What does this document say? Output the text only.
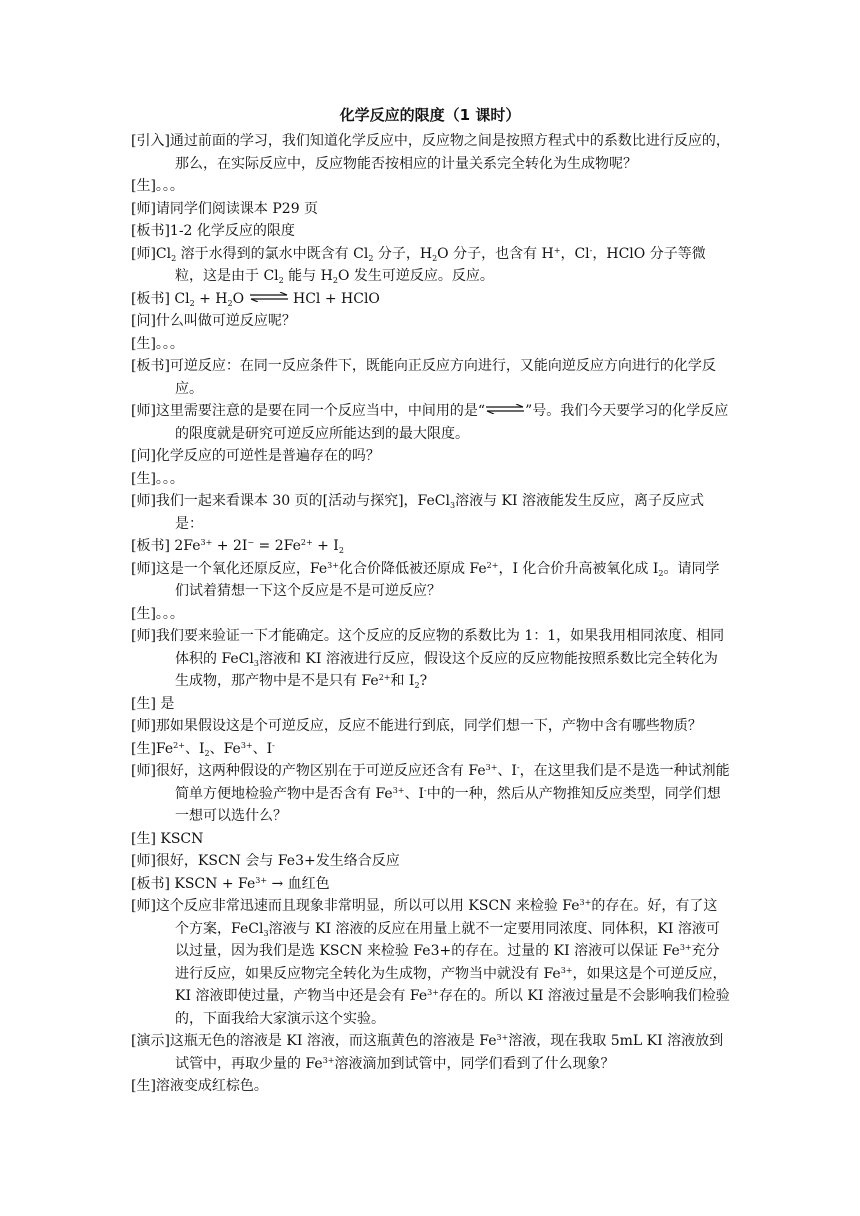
化学反应的限度（1 课时）
[引入]通过前面的学习，我们知道化学反应中，反应物之间是按照方程式中的系数比进行反应的，那么，在实际反应中，反应物能否按相应的计量关系完全转化为生成物呢？
[生]。。。
[师]请同学们阅读课本 P29 页
[板书]1-2 化学反应的限度
[师]$Cl_2$ 溶于水得到的氯水中既含有 $Cl_2$ 分子，$H_2O$ 分子，也含有 H+，Cl-，HClO 分子等微粒，这是由于 $Cl_2$ 能与 $H_2O$ 发生可逆反应。反应。
[板书] $Cl_2 + H_2O$ ⇌ HCl + HClO
[问]什么叫做可逆反应呢？
[生]。。。
[板书]可逆反应：在同一反应条件下，既能向正反应方向进行，又能向逆反应方向进行的化学反应。
[师]这里需要注意的是要在同一个反应当中，中间用的是“⇌”号。我们今天要学习的化学反应的限度就是研究可逆反应所能达到的最大限度。
[问]化学反应的可逆性是普遍存在的吗？
[生]。。。
[师]我们一起来看课本 30 页的[活动与探究]，FeCl$_3$溶液与 KI 溶液能发生反应，离子反应式是：
[板书] $2Fe^{3+} + 2I^- = 2Fe^{2+} + I_2$
[师]这是一个氧化还原反应，$Fe^{3+}$化合价降低被还原成 $Fe^{2+}$，I 化合价升高被氧化成 $I_2$。请同学们试着猜想一下这个反应是不是可逆反应？
[生]。。。
[师]我们要来验证一下才能确定。这个反应的反应物的系数比为 1：1，如果我用相同浓度、相同体积的 FeCl$_3$溶液和 KI 溶液进行反应，假设这个反应的反应物能按照系数比完全转化为生成物，那产物中是不是只有 $Fe^{2+}$和 $I_2$?
[生] 是
[师]那如果假设这是个可逆反应，反应不能进行到底，同学们想一下，产物中含有哪些物质？
[生]$Fe^{2+}$、$I_2$、$Fe^{3+}$、I-
[师]很好，这两种假设的产物区别在于可逆反应还含有 $Fe^{3+}$、I-，在这里我们是不是选一种试剂能简单方便地检验产物中是否含有 $Fe^{3+}$、I-中的一种，然后从产物推知反应类型，同学们想一想可以选什么？
[生] KSCN
[师]很好，KSCN 会与 Fe3+发生络合反应
[板书] KSCN + $Fe^{3+}$ → 血红色
[师]这个反应非常迅速而且现象非常明显，所以可以用 KSCN 来检验 $Fe^{3+}$的存在。好，有了这个方案，FeCl$_3$溶液与 KI 溶液的反应在用量上就不一定要用同浓度、同体积，KI 溶液可以过量，因为我们是选 KSCN 来检验 Fe3+的存在。过量的 KI 溶液可以保证 $Fe^{3+}$充分进行反应，如果反应物完全转化为生成物，产物当中就没有 $Fe^{3+}$，如果这是个可逆反应，KI 溶液即使过量，产物当中还是会有 $Fe^{3+}$存在的。所以 KI 溶液过量是不会影响我们检验的，下面我给大家演示这个实验。
[演示]这瓶无色的溶液是 KI 溶液，而这瓶黄色的溶液是 $Fe^{3+}$溶液，现在我取 5mL KI 溶液放到试管中，再取少量的 $Fe^{3+}$溶液滴加到试管中，同学们看到了什么现象？
[生]溶液变成红棕色。
